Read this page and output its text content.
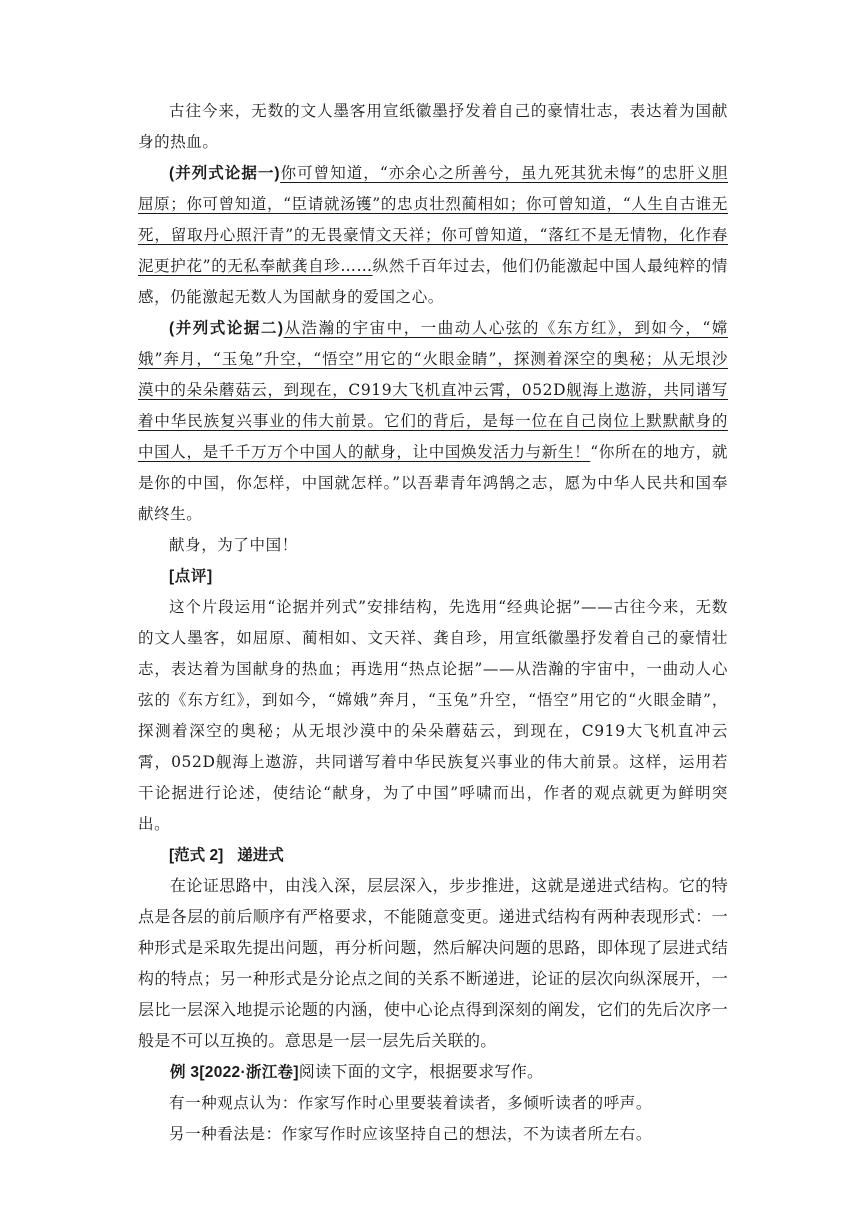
古往今来，无数的文人墨客用宣纸徽墨抒发着自己的豪情壮志，表达着为国献身的热血。

(并列式论据一)你可曾知道，“亦余心之所善兮，虽九死其犹未悔”的忠肝义胆屈原；你可曾知道，“臣请就汤镬”的忠贞壮烈蔺相如；你可曾知道，“人生自古谁无死，留取丹心照汗青”的无畏豪情文天祥；你可曾知道，“落红不是无情物，化作春泥更护花”的无私奉献龚自珍……纵然千百年过去，他们仍能激起中国人最纯粹的情感，仍能激起无数人为国献身的爱国之心。

(并列式论据二)从浩瀚的宇宙中，一曲动人心弦的《东方红》，到如今，“嫦娥”奔月，“玉兔”升空，“悟空”用它的“火眼金睛”，探测着深空的奥秘；从无垠沙漠中的朵朵蘑菇云，到现在，C919大飞机直冲云霄，052D舰海上遨游，共同谱写着中华民族复兴事业的伟大前景。它们的背后，是每一位在自己岗位上默默献身的中国人，是千千万万个中国人的献身，让中国焕发活力与新生！“你所在的地方，就是你的中国，你怎样，中国就怎样。”以吾辈青年鸿鹄之志，愿为中华人民共和国奉献终生。

献身，为了中国！

[点评]

这个片段运用“论据并列式”安排结构，先选用“经典论据”——古往今来，无数的文人墨客，如屈原、蔺相如、文天祥、龚自珍，用宣纸徽墨抒发着自己的豪情壮志，表达着为国献身的热血；再选用“热点论据”——从浩瀚的宇宙中，一曲动人心弦的《东方红》，到如今，“嫦娥”奔月，“玉兔”升空，“悟空”用它的“火眼金睛”，探测着深空的奥秘；从无垠沙漠中的朵朵蘑菇云，到现在，C919大飞机直冲云霄，052D舰海上遨游，共同谱写着中华民族复兴事业的伟大前景。这样，运用若干论据进行论述，使结论“献身，为了中国”呼啸而出，作者的观点就更为鲜明突出。

[范式 2] 递进式

在论证思路中，由浅入深，层层深入，步步推进，这就是递进式结构。它的特点是各层的前后顺序有严格要求，不能随意变更。递进式结构有两种表现形式：一种形式是采取先提出问题，再分析问题，然后解决问题的思路，即体现了层进式结构的特点；另一种形式是分论点之间的关系不断递进，论证的层次向纵深展开，一层比一层深入地提示论题的内涵，使中心论点得到深刻的阐发，它们的先后次序一般是不可以互换的。意思是一层一层先后关联的。

例 3[2022·浙江卷]阅读下面的文字，根据要求写作。

有一种观点认为：作家写作时心里要装着读者，多倾听读者的呼声。

另一种看法是：作家写作时应该坚持自己的想法，不为读者所左右。
